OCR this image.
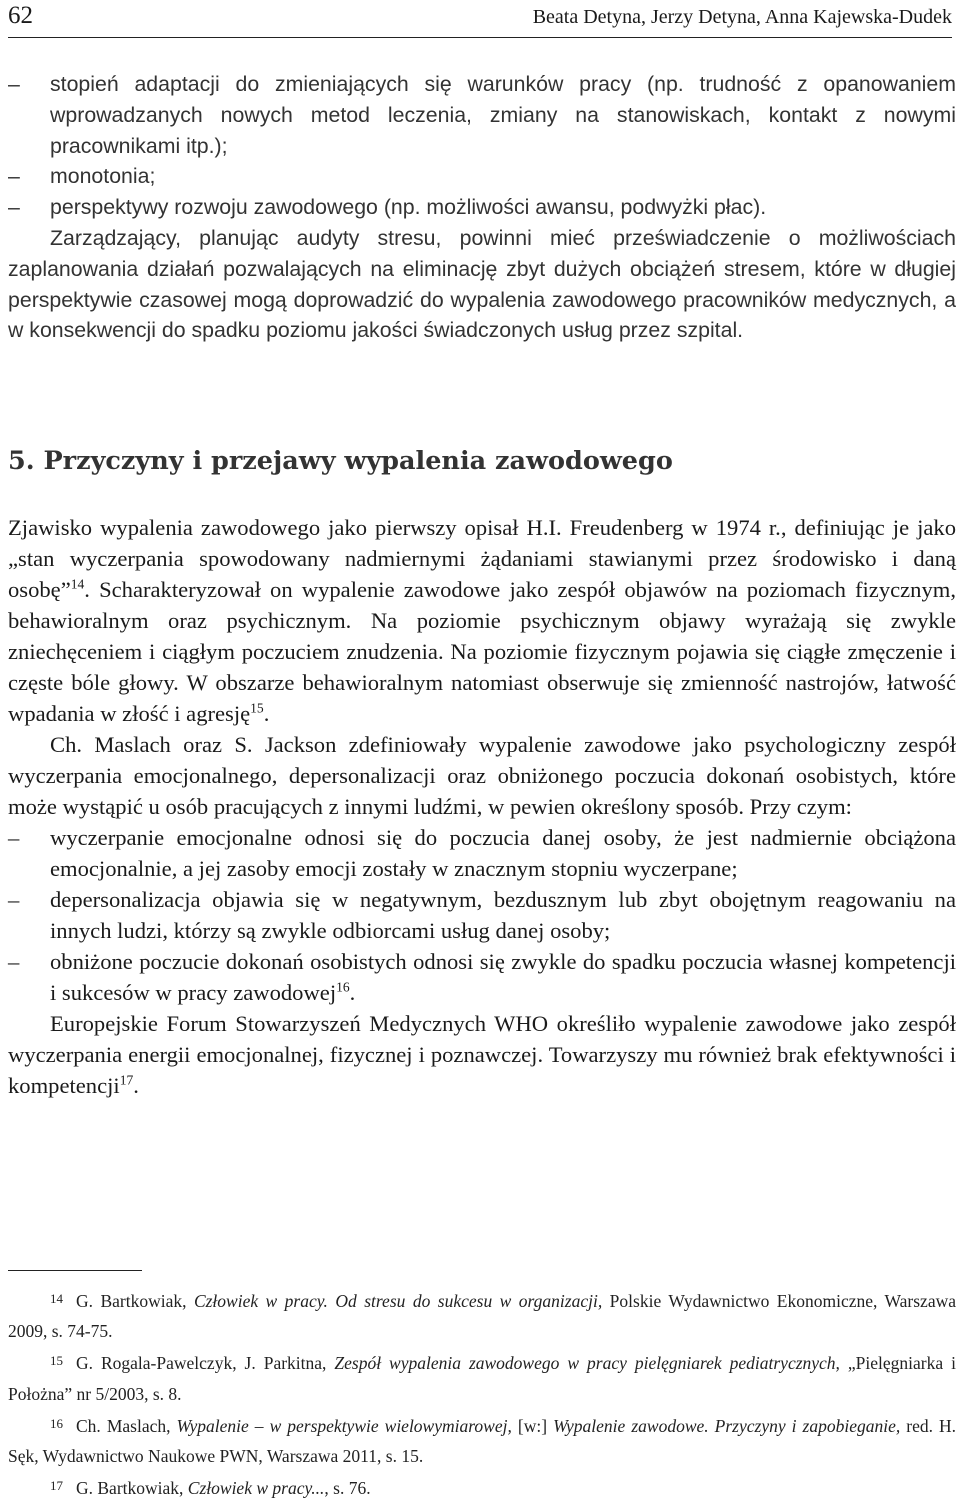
62	Beata Detyna, Jerzy Detyna, Anna Kajewska-Dudek

– stopień adaptacji do zmieniających się warunków pracy (np. trudność z opanowaniem wprowadzanych nowych metod leczenia, zmiany na stanowiskach, kontakt z nowymi pracownikami itp.);

– monotonia;

– perspektywy rozwoju zawodowego (np. możliwości awansu, podwyżki płac).

Zarządzający, planując audyty stresu, powinni mieć przeświadczenie o możliwościach zaplanowania działań pozwalających na eliminację zbyt dużych obciążeń stresem, które w długiej perspektywie czasowej mogą doprowadzić do wypalenia zawodowego pracowników medycznych, a w konsekwencji do spadku poziomu jakości świadczonych usług przez szpital.

5. Przyczyny i przejawy wypalenia zawodowego

Zjawisko wypalenia zawodowego jako pierwszy opisał H.I. Freudenberg w 1974 r., definiując je jako „stan wyczerpania spowodowany nadmiernymi żądaniami stawianymi przez środowisko i daną osobę”$^{14}$. Scharakteryzował on wypalenie zawodowe jako zespół objawów na poziomach fizycznym, behawioralnym oraz psychicznym. Na poziomie psychicznym objawy wyrażają się zwykle zniechęceniem i ciągłym poczuciem znudzenia. Na poziomie fizycznym pojawia się ciągłe zmęczenie i częste bóle głowy. W obszarze behawioralnym natomiast obserwuje się zmienność nastrojów, łatwość wpadania w złość i agresję$^{15}$.

Ch. Maslach oraz S. Jackson zdefiniowały wypalenie zawodowe jako psychologiczny zespół wyczerpania emocjonalnego, depersonalizacji oraz obniżonego poczucia dokonań osobistych, które może wystąpić u osób pracujących z innymi ludźmi, w pewien określony sposób. Przy czym:

– wyczerpanie emocjonalne odnosi się do poczucia danej osoby, że jest nadmiernie obciążona emocjonalnie, a jej zasoby emocji zostały w znacznym stopniu wyczerpane;

– depersonalizacja objawia się w negatywnym, bezdusznym lub zbyt obojętnym reagowaniu na innych ludzi, którzy są zwykle odbiorcami usług danej osoby;

– obniżone poczucie dokonań osobistych odnosi się zwykle do spadku poczucia własnej kompetencji i sukcesów w pracy zawodowej$^{16}$.

Europejskie Forum Stowarzyszeń Medycznych WHO określiło wypalenie zawodowe jako zespół wyczerpania energii emocjonalnej, fizycznej i poznawczej. Towarzyszy mu również brak efektywności i kompetencji$^{17}$.

14 G. Bartkowiak, Człowiek w pracy. Od stresu do sukcesu w organizacji, Polskie Wydawnictwo Ekonomiczne, Warszawa 2009, s. 74-75.

15 G. Rogala-Pawelczyk, J. Parkitna, Zespół wypalenia zawodowego w pracy pielęgniarek pediatrycznych, „Pielęgniarka i Położna” nr 5/2003, s. 8.

16 Ch. Maslach, Wypalenie – w perspektywie wielowymiarowej, [w:] Wypalenie zawodowe. Przyczyny i zapobieganie, red. H. Sęk, Wydawnictwo Naukowe PWN, Warszawa 2011, s. 15.

17 G. Bartkowiak, Człowiek w pracy..., s. 76.
